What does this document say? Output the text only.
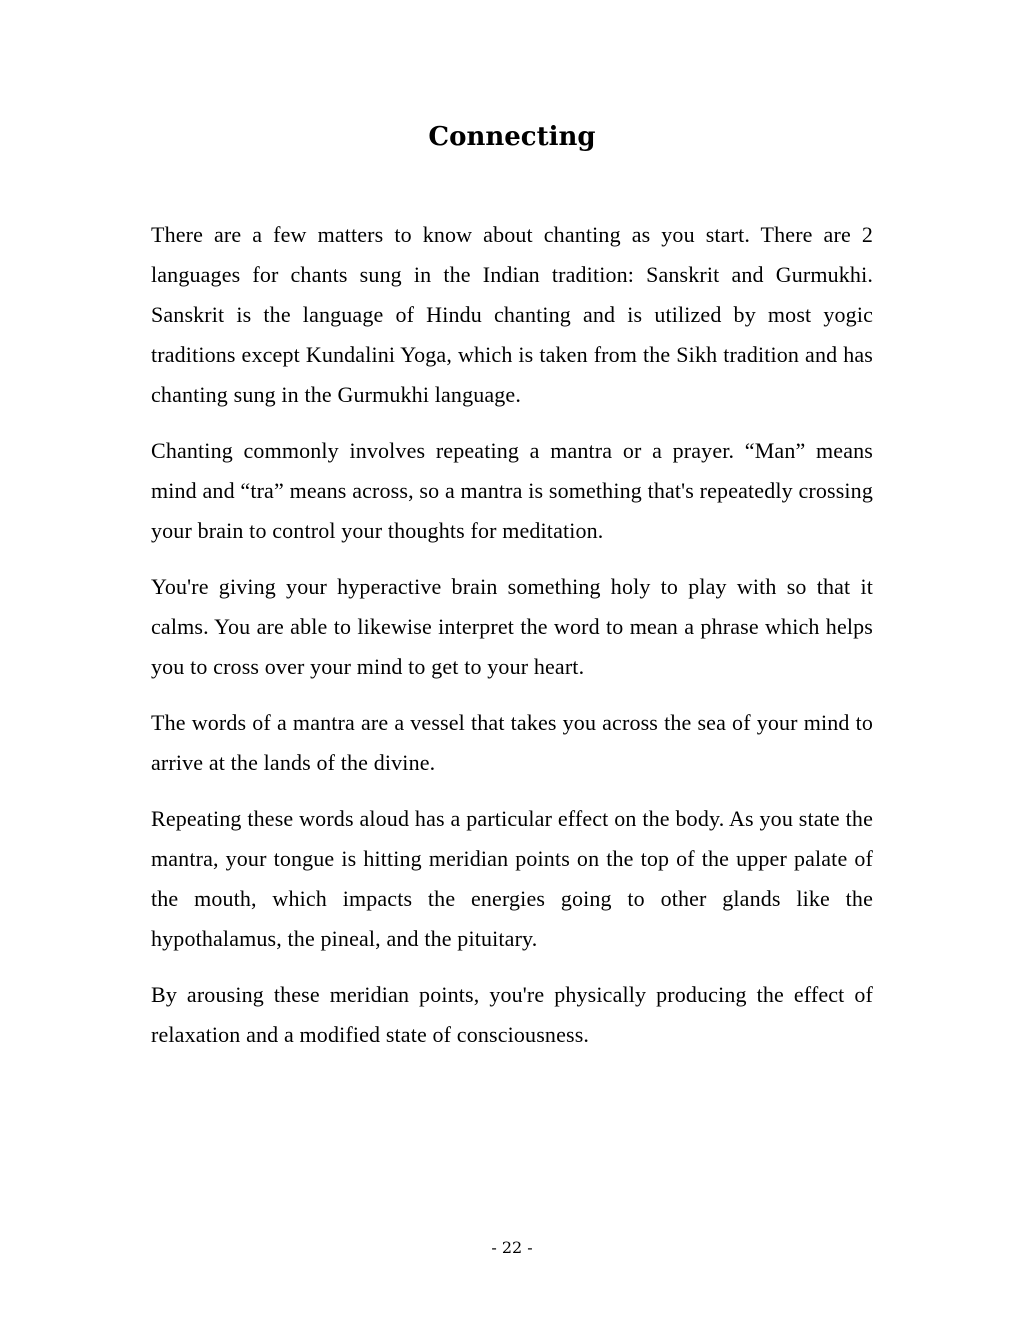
Connecting

There are a few matters to know about chanting as you start. There are 2 languages for chants sung in the Indian tradition: Sanskrit and Gurmukhi. Sanskrit is the language of Hindu chanting and is utilized by most yogic traditions except Kundalini Yoga, which is taken from the Sikh tradition and has chanting sung in the Gurmukhi language.

Chanting commonly involves repeating a mantra or a prayer. “Man” means mind and “tra” means across, so a mantra is something that's repeatedly crossing your brain to control your thoughts for meditation.

You're giving your hyperactive brain something holy to play with so that it calms. You are able to likewise interpret the word to mean a phrase which helps you to cross over your mind to get to your heart.

The words of a mantra are a vessel that takes you across the sea of your mind to arrive at the lands of the divine.

Repeating these words aloud has a particular effect on the body. As you state the mantra, your tongue is hitting meridian points on the top of the upper palate of the mouth, which impacts the energies going to other glands like the hypothalamus, the pineal, and the pituitary.

By arousing these meridian points, you're physically producing the effect of relaxation and a modified state of consciousness.

- 22 -
